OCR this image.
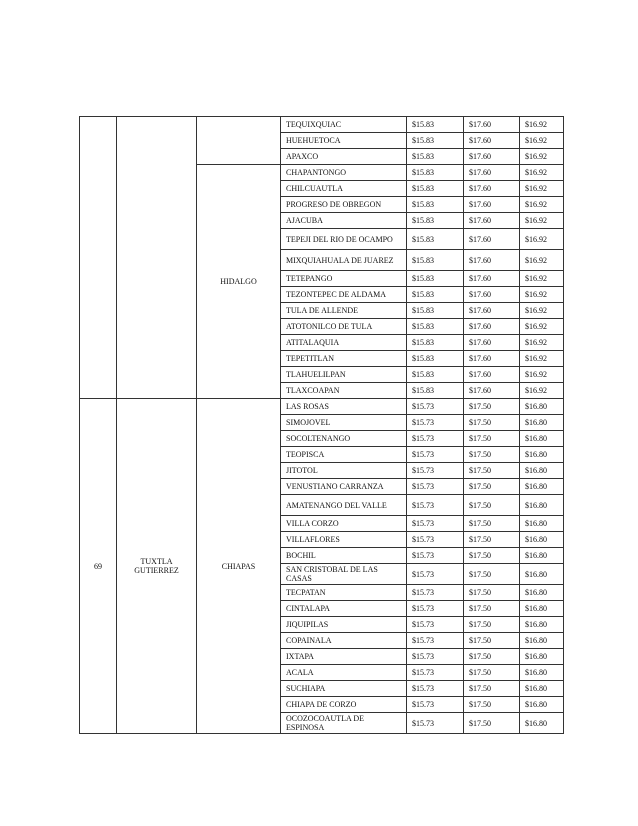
			TEQUIXQUIAC	$15.83	$17.60	$16.92
			HUEHUETOCA	$15.83	$17.60	$16.92
			APAXCO	$15.83	$17.60	$16.92
		HIDALGO	CHAPANTONGO	$15.83	$17.60	$16.92
			CHILCUAUTLA	$15.83	$17.60	$16.92
			PROGRESO DE OBREGON	$15.83	$17.60	$16.92
			AJACUBA	$15.83	$17.60	$16.92
			TEPEJI DEL RIO DE OCAMPO	$15.83	$17.60	$16.92
			MIXQUIAHUALA DE JUAREZ	$15.83	$17.60	$16.92
			TETEPANGO	$15.83	$17.60	$16.92
			TEZONTEPEC DE ALDAMA	$15.83	$17.60	$16.92
			TULA DE ALLENDE	$15.83	$17.60	$16.92
			ATOTONILCO DE TULA	$15.83	$17.60	$16.92
			ATITALAQUIA	$15.83	$17.60	$16.92
			TEPETITLAN	$15.83	$17.60	$16.92
			TLAHUELILPAN	$15.83	$17.60	$16.92
			TLAXCOAPAN	$15.83	$17.60	$16.92
69	TUXTLA GUTIERREZ	CHIAPAS	LAS ROSAS	$15.73	$17.50	$16.80
			SIMOJOVEL	$15.73	$17.50	$16.80
			SOCOLTENANGO	$15.73	$17.50	$16.80
			TEOPISCA	$15.73	$17.50	$16.80
			JITOTOL	$15.73	$17.50	$16.80
			VENUSTIANO CARRANZA	$15.73	$17.50	$16.80
			AMATENANGO DEL VALLE	$15.73	$17.50	$16.80
			VILLA CORZO	$15.73	$17.50	$16.80
			VILLAFLORES	$15.73	$17.50	$16.80
			BOCHIL	$15.73	$17.50	$16.80
			SAN CRISTOBAL DE LAS CASAS	$15.73	$17.50	$16.80
			TECPATAN	$15.73	$17.50	$16.80
			CINTALAPA	$15.73	$17.50	$16.80
			JIQUIPILAS	$15.73	$17.50	$16.80
			COPAINALA	$15.73	$17.50	$16.80
			IXTAPA	$15.73	$17.50	$16.80
			ACALA	$15.73	$17.50	$16.80
			SUCHIAPA	$15.73	$17.50	$16.80
			CHIAPA DE CORZO	$15.73	$17.50	$16.80
			OCOZOCOAUTLA DE ESPINOSA	$15.73	$17.50	$16.80
